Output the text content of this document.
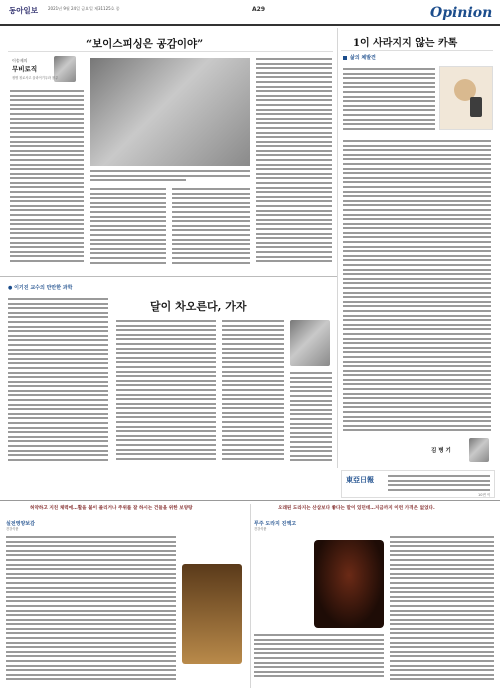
동아일보	2021년 9월 24일 금요일 제31125호 종	A29	Opinion
“보이스피싱은 공감이야”
이송제의
무비로직
정명 칭로사고 올라이기우라 찰주
1이 사라지지 않는 카톡
삶의 체발견
김 병 기
● 이기진 교수의 만만한 과학
달이 차오른다, 가자
東亞日報
10면 이
허약하고 지친 체력에…활을 불이 졸리거나 주위를 잘 하시는 건들을 위한 보양탕
실전영양보감
건강식품
오래된 도라지는 산삼보다 좋다는 말이 있던데…지금까지 이런 가격은 없었다.
푸주 도라지 진액고
건강식품
